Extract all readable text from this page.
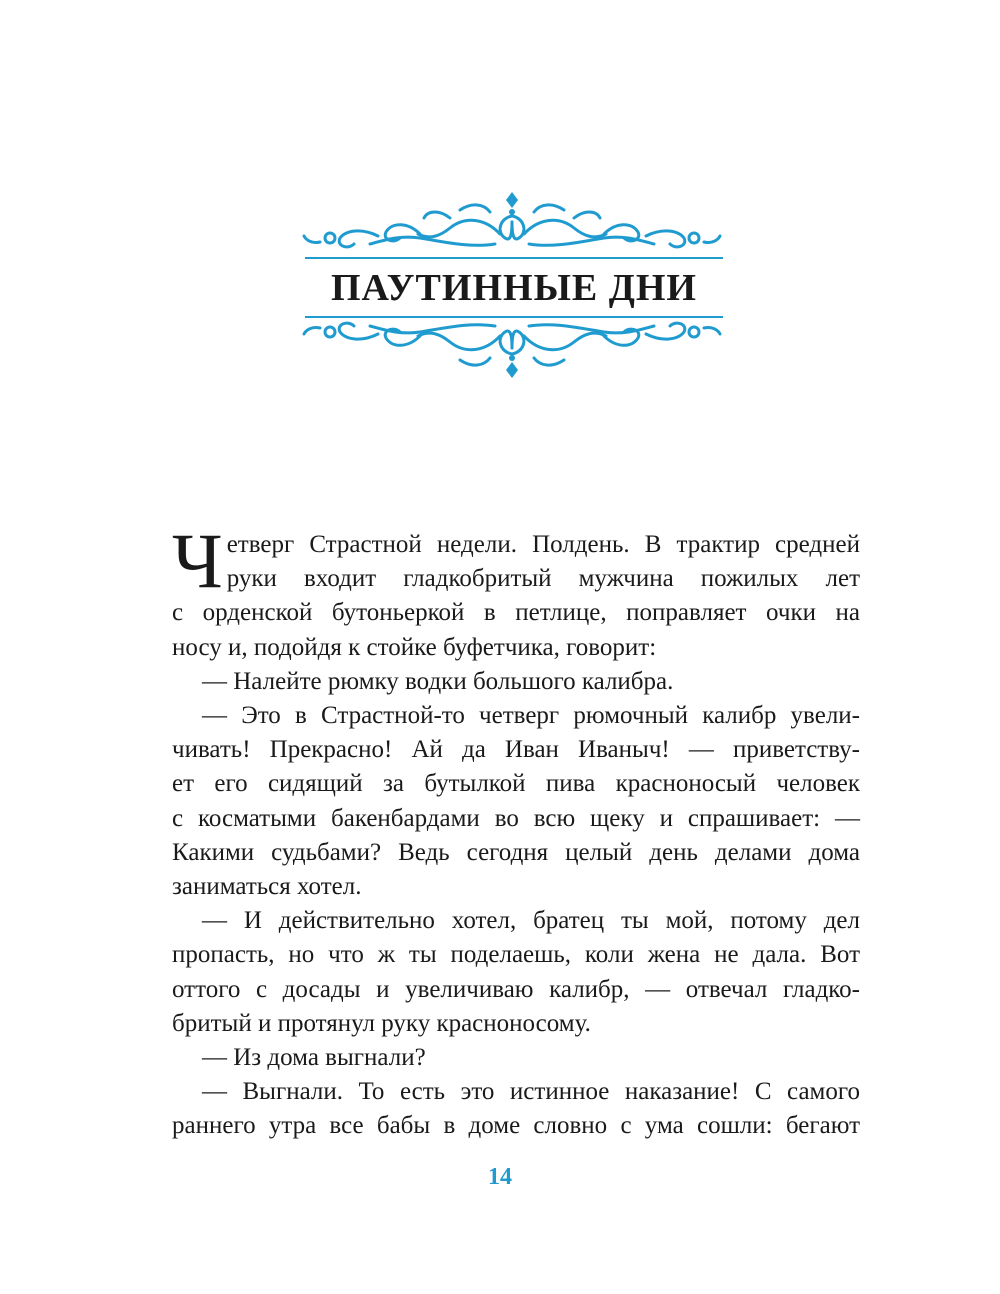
ПАУТИННЫЕ ДНИ

Ч етверг Страстной недели. Полдень. В трактир средней
руки входит гладкобритый мужчина пожилых лет
с орденской бутоньеркой в петлице, поправляет очки на
носу и, подойдя к стойке буфетчика, говорит:

— Налейте рюмку водки большого калибра.

— Это в Страстной-то четверг рюмочный калибр увели-
чивать! Прекрасно! Ай да Иван Иваныч! — приветству-
ет его сидящий за бутылкой пива красноносый человек
с косматыми бакенбардами во всю щеку и спрашивает: —
Какими судьбами? Ведь сегодня целый день делами дома
заниматься хотел.

— И действительно хотел, братец ты мой, потому дел
пропасть, но что ж ты поделаешь, коли жена не дала. Вот
оттого с досады и увеличиваю калибр, — отвечал гладко-
бритый и протянул руку красноносому.

— Из дома выгнали?

— Выгнали. То есть это истинное наказание! С самого
раннего утра все бабы в доме словно с ума сошли: бегают

14
